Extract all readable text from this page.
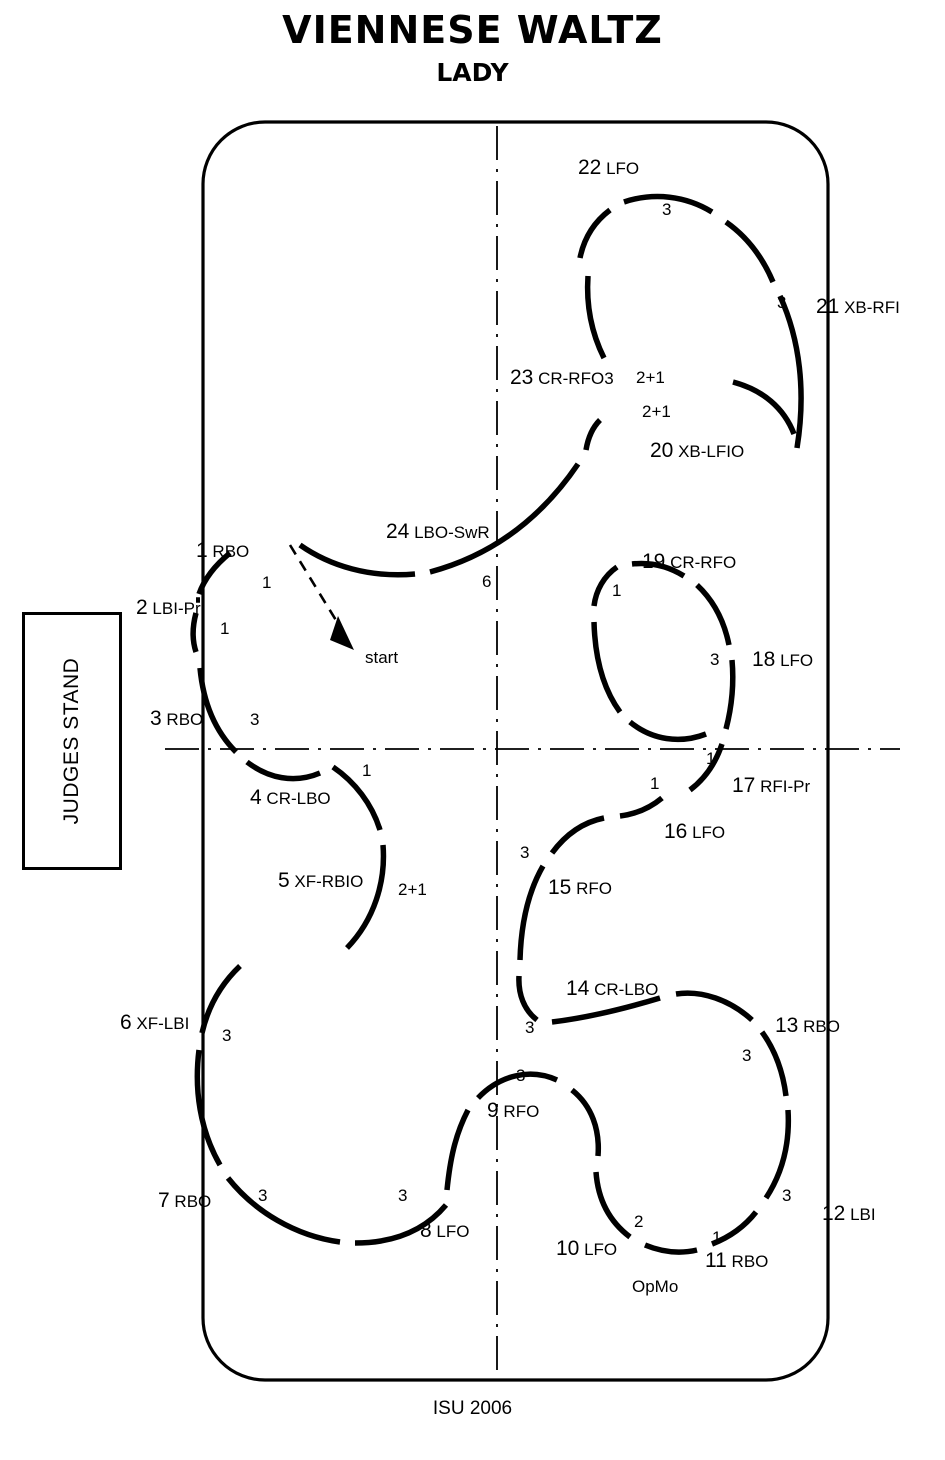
VIENNESE WALTZ
LADY
JUDGES STAND
1 RBO
1
2 LBI-Pr
1
3 RBO	3
4 CR-LBO
1
5 XF-RBIO 2+1
6 XF-LBI
3
7 RBO	3
8 LFO
3
9 RFO
3
10 LFO
2
OpMo
11 RBO
1
12 LBI
3
13 RBO
3
14 CR-LBO
3
15 RFO
3
16 LFO
1	17 RFI-Pr
1
18 LFO
3
19 CR-RFO
1
20 XB-LFIO
2+1
21 XB-RFI
3
22 LFO
3
23 CR-RFO3 2+1
24 LBO-SwR
6
start
ISU 2006
